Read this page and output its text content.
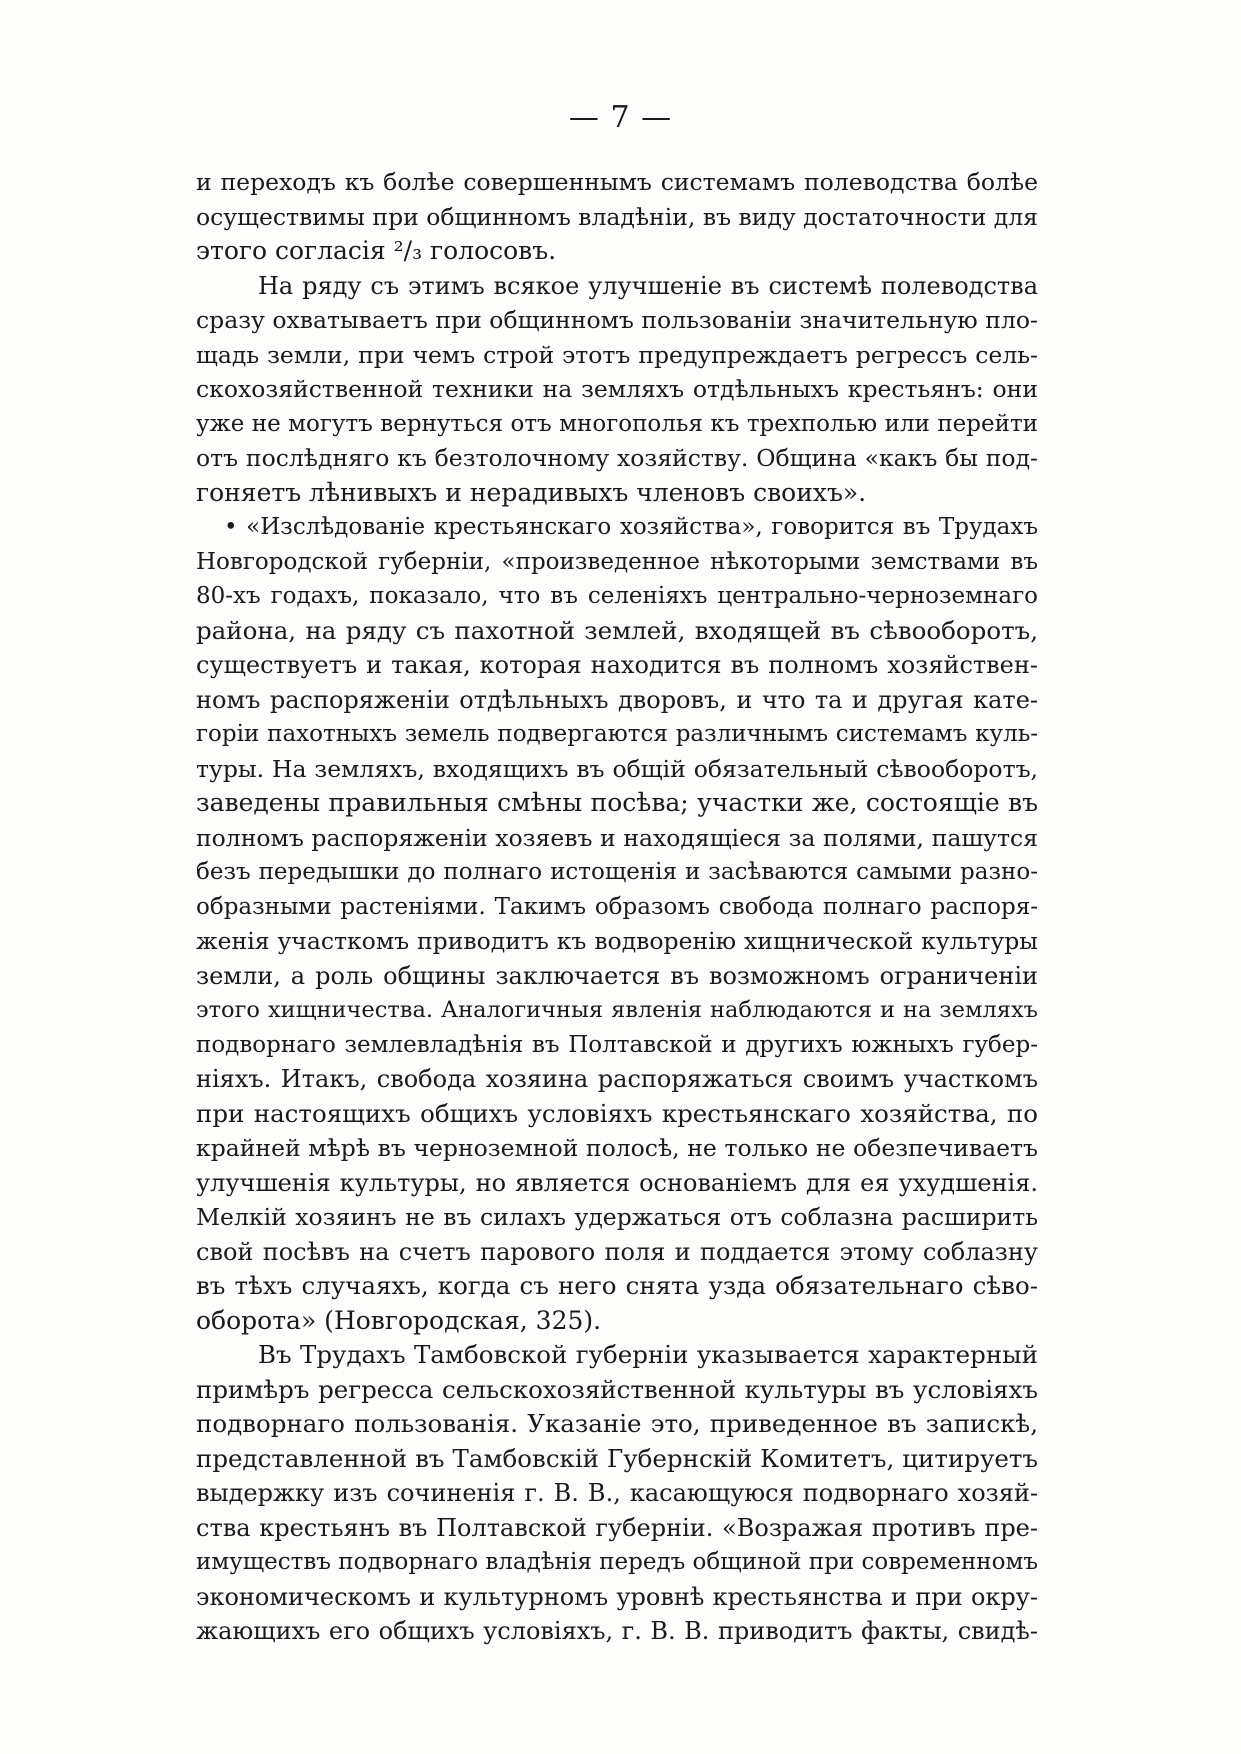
— 7 —
и переходъ къ болѣе совершеннымъ системамъ полеводства болѣе
осуществимы при общинномъ владѣніи, въ виду достаточности для
этого согласія ²/₃ голосовъ.
На ряду съ этимъ всякое улучшеніе въ системѣ полеводства
сразу охватываетъ при общинномъ пользованіи значительную пло-
щадь земли, при чемъ строй этотъ предупреждаетъ регрессъ сель-
скохозяйственной техники на земляхъ отдѣльныхъ крестьянъ: они
уже не могутъ вернуться отъ многополья къ трехполью или перейти
отъ послѣдняго къ безтолочному хозяйству. Община «какъ бы под-
гоняетъ лѣнивыхъ и нерадивыхъ членовъ своихъ».
• «Изслѣдованіе крестьянскаго хозяйства», говорится въ Трудахъ
Новгородской губерніи, «произведенное нѣкоторыми земствами въ
80-хъ годахъ, показало, что въ селеніяхъ центрально-черноземнаго
района, на ряду съ пахотной землей, входящей въ сѣвооборотъ,
существуетъ и такая, которая находится въ полномъ хозяйствен-
номъ распоряженіи отдѣльныхъ дворовъ, и что та и другая кате-
горіи пахотныхъ земель подвергаются различнымъ системамъ куль-
туры. На земляхъ, входящихъ въ общій обязательный сѣвооборотъ,
заведены правильныя смѣны посѣва; участки же, состоящіе въ
полномъ распоряженіи хозяевъ и находящіеся за полями, пашутся
безъ передышки до полнаго истощенія и засѣваются самыми разно-
образными растеніями. Такимъ образомъ свобода полнаго распоря-
женія участкомъ приводитъ къ водворенію хищнической культуры
земли, а роль общины заключается въ возможномъ ограниченіи
этого хищничества. Аналогичныя явленія наблюдаются и на земляхъ
подворнаго землевладѣнія въ Полтавской и другихъ южныхъ губер-
ніяхъ. Итакъ, свобода хозяина распоряжаться своимъ участкомъ
при настоящихъ общихъ условіяхъ крестьянскаго хозяйства, по
крайней мѣрѣ въ черноземной полосѣ, не только не обезпечиваетъ
улучшенія культуры, но является основаніемъ для ея ухудшенія.
Мелкій хозяинъ не въ силахъ удержаться отъ соблазна расширить
свой посѣвъ на счетъ парового поля и поддается этому соблазну
въ тѣхъ случаяхъ, когда съ него снята узда обязательнаго сѣво-
оборота» (Новгородская, 325).
Въ Трудахъ Тамбовской губерніи указывается характерный
примѣръ регресса сельскохозяйственной культуры въ условіяхъ
подворнаго пользованія. Указаніе это, приведенное въ запискѣ,
представленной въ Тамбовскій Губернскій Комитетъ, цитируетъ
выдержку изъ сочиненія г. В. В., касающуюся подворнаго хозяй-
ства крестьянъ въ Полтавской губерніи. «Возражая противъ пре-
имуществъ подворнаго владѣнія передъ общиной при современномъ
экономическомъ и культурномъ уровнѣ крестьянства и при окру-
жающихъ его общихъ условіяхъ, г. В. В. приводитъ факты, свидѣ-
